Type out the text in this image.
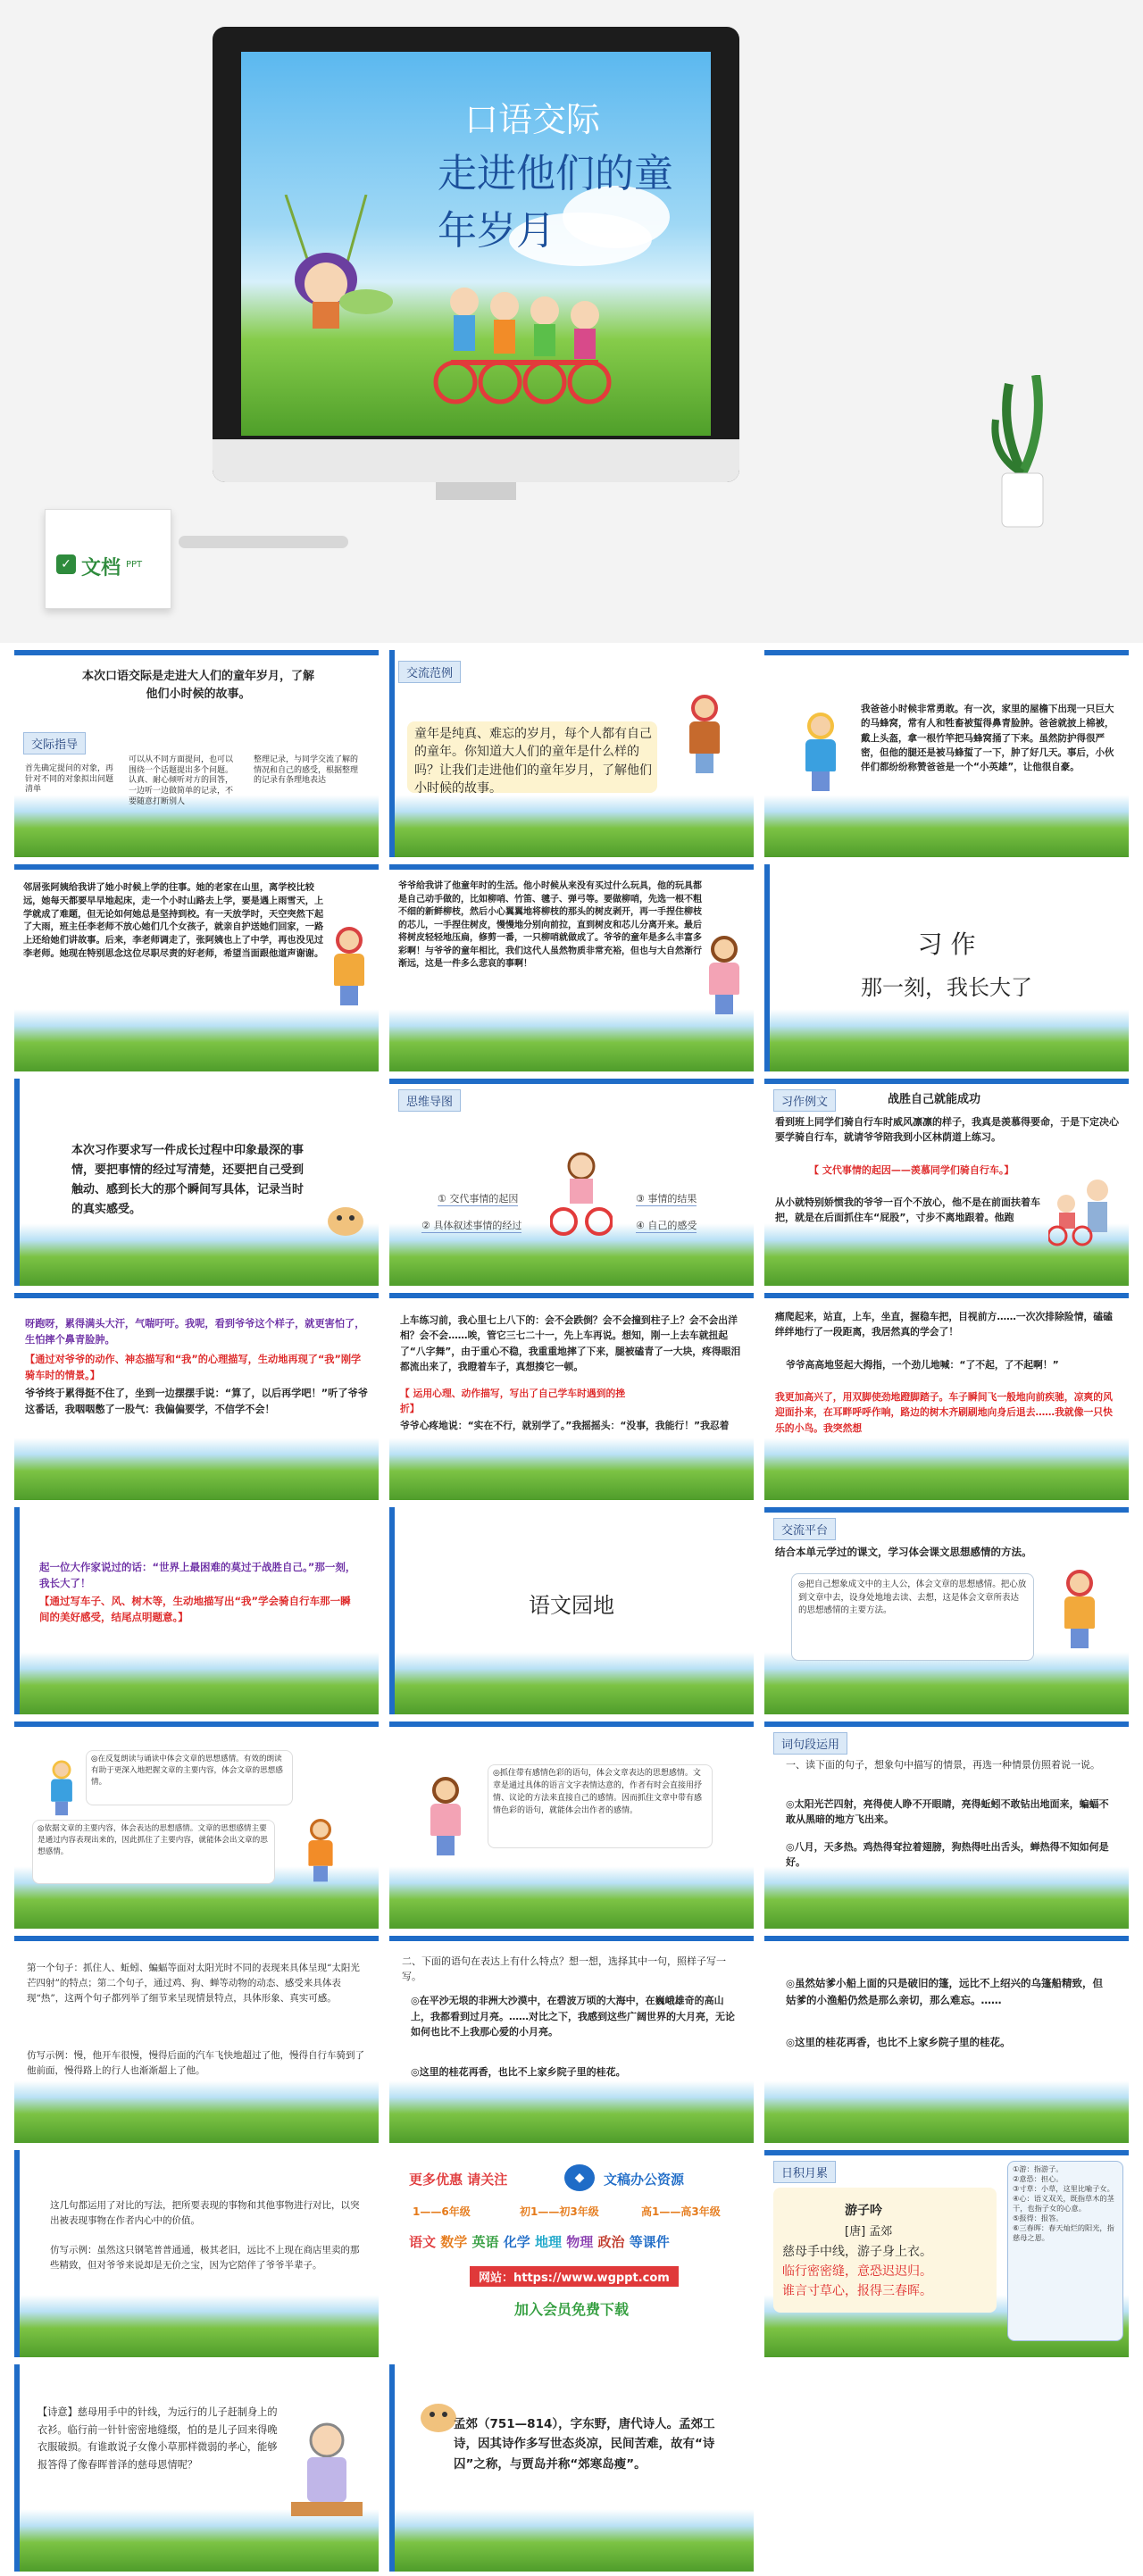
口语交际
走进他们的童年岁月
✓ 文档 PPT
本次口语交际是走进大人们的童年岁月，了解
他们小时候的故事。
交际指导
首先确定提问的对象，再针对不同的对象拟出问题清单
可以从不同方面提问，也可以围绕一个话题提出多个问题。认真、耐心倾听对方的回答，一边听一边做简单的记录，不要随意打断别人
整理记录，与同学交流了解的情况和自己的感受，根据整理的记录有条理地表达
交流范例
童年是纯真、难忘的岁月，每个人都有自己的童年。你知道大人们的童年是什么样的吗？让我们走进他们的童年岁月，了解他们小时候的故事。
我爸爸小时候非常勇敢。有一次，家里的屋檐下出现一只巨大的马蜂窝，常有人和牲畜被蜇得鼻青脸肿。爸爸就披上棉被，戴上头盔，拿一根竹竿把马蜂窝捅了下来。虽然防护得很严密，但他的腿还是被马蜂蜇了一下，肿了好几天。事后，小伙伴们都纷纷称赞爸爸是一个“小英雄”，让他很自豪。
邻居张阿姨给我讲了她小时候上学的往事。她的老家在山里，离学校比较远，她每天都要早早地起床，走一个小时山路去上学，要是遇上雨雪天，上学就成了难题，但无论如何她总是坚持到校。有一天放学时，天空突然下起了大雨，班主任李老师不放心她们几个女孩子，就亲自护送她们回家，一路上还给她们讲故事。后来，李老师调走了，张阿姨也上了中学，再也没见过李老师。她现在特别思念这位尽职尽责的好老师，希望当面跟他道声谢谢。
爷爷给我讲了他童年时的生活。他小时候从来没有买过什么玩具，他的玩具都是自己动手做的，比如柳哨、竹笛、毽子、弹弓等。要做柳哨，先选一根不粗不细的新鲜柳枝，然后小心翼翼地将柳枝的那头的树皮剥开，再一手捏住柳枝的芯儿，一手捏住树皮，慢慢地分别向前拉，直到树皮和芯儿分离开来。最后将树皮轻轻地压扁，修剪一番，一只柳哨就做成了。爷爷的童年是多么丰富多彩啊！与爷爷的童年相比，我们这代人虽然物质非常充裕，但也与大自然渐行渐远，这是一件多么悲哀的事啊！
习 作
那一刻，我长大了
本次习作要求写一件成长过程中印象最深的事情，要把事情的经过写清楚，还要把自己受到触动、感到长大的那个瞬间写具体，记录当时的真实感受。
思维导图
① 交代事情的起因
② 具体叙述事情的经过
③ 事情的结果
④ 自己的感受
习作例文	战胜自己就能成功
看到班上同学们骑自行车时威风凛凛的样子，我真是羡慕得要命，于是下定决心要学骑自行车，就请爷爷陪我到小区林荫道上练习。
【 文代事情的起因——羡慕同学们骑自行车。】
从小就特别娇惯我的爷爷一百个不放心，他不是在前面扶着车把，就是在后面抓住车“屁股”，寸步不离地跟着。他跑
呀跑呀，累得满头大汗，气喘吁吁。我呢，看到爷爷这个样子，就更害怕了，生怕摔个鼻青脸肿。
【通过对爷爷的动作、神态描写和“我”的心理描写，生动地再现了“我”刚学骑车时的情景。】
爷爷终于累得挺不住了，坐到一边摆摆手说：“算了，以后再学吧！”听了爷爷这番话，我咽咽憋了一股气：我偏偏要学，不信学不会！
上车练习前，我心里七上八下的：会不会跌倒？会不会撞到柱子上？会不会出洋相？会不会……唉，管它三七二十一，先上车再说。想知，刚一上去车就扭起了“八字舞”，由于重心不稳，我重重地摔了下来，腿被磕青了一大块，疼得眼泪都流出来了，我瞪着车子，真想揍它一顿。
【 运用心理、动作描写，写出了自己学车时遇到的挫折】
爷爷心疼地说：“实在不行，就别学了。”我摇摇头：“没事，我能行！”我忍着
痛爬起来，站直，上车，坐直，握稳车把，目视前方……一次次排除险情，磕磕绊绊地行了一段距离，我居然真的学会了！
爷爷高高地竖起大拇指，一个劲儿地喊：“了不起，了不起啊！”
我更加高兴了，用双脚使劲地蹬脚踏子。车子瞬间飞一般地向前疾驰，凉爽的风迎面扑来，在耳畔呼呼作响，路边的树木齐刷刷地向身后退去……我就像一只快乐的小鸟。我突然想
起一位大作家说过的话：“世界上最困难的莫过于战胜自己。”那一刻，我长大了！
【通过写车子、风、树木等，生动地描写出“我”学会骑自行车那一瞬间的美好感受，结尾点明题意。】	语文园地
交流平台
结合本单元学过的课文，学习体会课文思想感情的方法。
◎把自己想象成文中的主人公，体会文章的思想感情。把心放到文章中去，设身处地地去读、去想，这是体会文章所表达的思想感情的主要方法。
◎在反复朗读与诵读中体会文章的思想感情。有效的朗读有助于更深入地把握文章的主要内容，体会文章的思想感情。
◎依据文章的主要内容，体会表达的思想感情。文章的思想感情主要是通过内容表现出来的，因此抓住了主要内容，就能体会出文章的思想感情。
◎抓住带有感情色彩的语句，体会文章表达的思想感情。文章是通过具体的语言文字表情达意的，作者有时会直接用抒情、议论的方法来直接自己的感情。因而抓住文章中带有感情色彩的语句，就能体会出作者的感情。
词句段运用
一、读下面的句子，想象句中描写的情景，再选一种情景仿照着说一说。
◎太阳光芒四射，亮得使人睁不开眼睛，亮得蚯蚓不敢钻出地面来，蝙蝠不敢从黑暗的地方飞出来。
◎八月，天多热。鸡热得耷拉着翅膀，狗热得吐出舌头，蝉热得不知如何是好。
第一个句子：抓住人、蚯蚓、蝙蝠等面对太阳光时不同的表现来具体呈现“太阳光芒四射”的特点；第二个句子，通过鸡、狗、蝉等动物的动态、感受来具体表现“热”，这两个句子都列举了细节来呈现情景特点，具体形象、真实可感。
仿写示例：慢，他开车很慢，慢得后面的汽车飞快地超过了他，慢得自行车骑到了他前面，慢得路上的行人也渐渐超上了他。
二、下面的语句在表达上有什么特点？想一想，选择其中一句，照样子写一写。
◎在平沙无垠的非洲大沙漠中，在碧波万顷的大海中，在巍峨雄奇的高山上，我都看到过月亮。……对比之下，我感到这些广阔世界的大月亮，无论如何也比不上我那心爱的小月亮。
◎这里的桂花再香，也比不上家乡院子里的桂花。
◎虽然姑爹小船上面的只是破旧的篷，远比不上绍兴的乌篷船精致，但姑爹的小渔船仍然是那么亲切，那么难忘。……
◎这里的桂花再香，也比不上家乡院子里的桂花。
这几句都运用了对比的写法，把所要表现的事物和其他事物进行对比，以突出被表现事物在作者内心中的价值。
仿写示例：虽然这只钢笔普普通通，极其老旧，远比不上现在商店里卖的那些精致，但对爷爷来说却是无价之宝，因为它陪伴了爷爷半辈子。
更多优惠 请关注	◆	文稿办公资源
1——6年级	初1——初3年级	高1——高3年级
语文 数学 英语 化学 地理 物理 政治 等课件
网站：https://www.wgppt.com
加入会员免费下载
日积月累
游子吟
[唐] 孟郊
慈母手中线，游子身上衣。
临行密密缝，意恐迟迟归。
谁言寸草心，报得三春晖。
①游：指游子。
②意恐：担心。
③寸草：小草，这里比喻子女。
④心：语义双关，既指草木的茎干，也指子女的心意。
⑤报得：报答。
⑥三春晖：春天灿烂的阳光，指慈母之恩。
【诗意】慈母用手中的针线，为远行的儿子赶制身上的衣衫。临行前一针针密密地缝缀，怕的是儿子回来得晚衣服破损。有谁敢说子女像小草那样微弱的孝心，能够报答得了像春晖普泽的慈母恩情呢？
孟郊（751—814），字东野，唐代诗人。孟郊工诗，因其诗作多写世态炎凉，民间苦难，故有“诗囚”之称，与贾岛并称“郊寒岛瘦”。
